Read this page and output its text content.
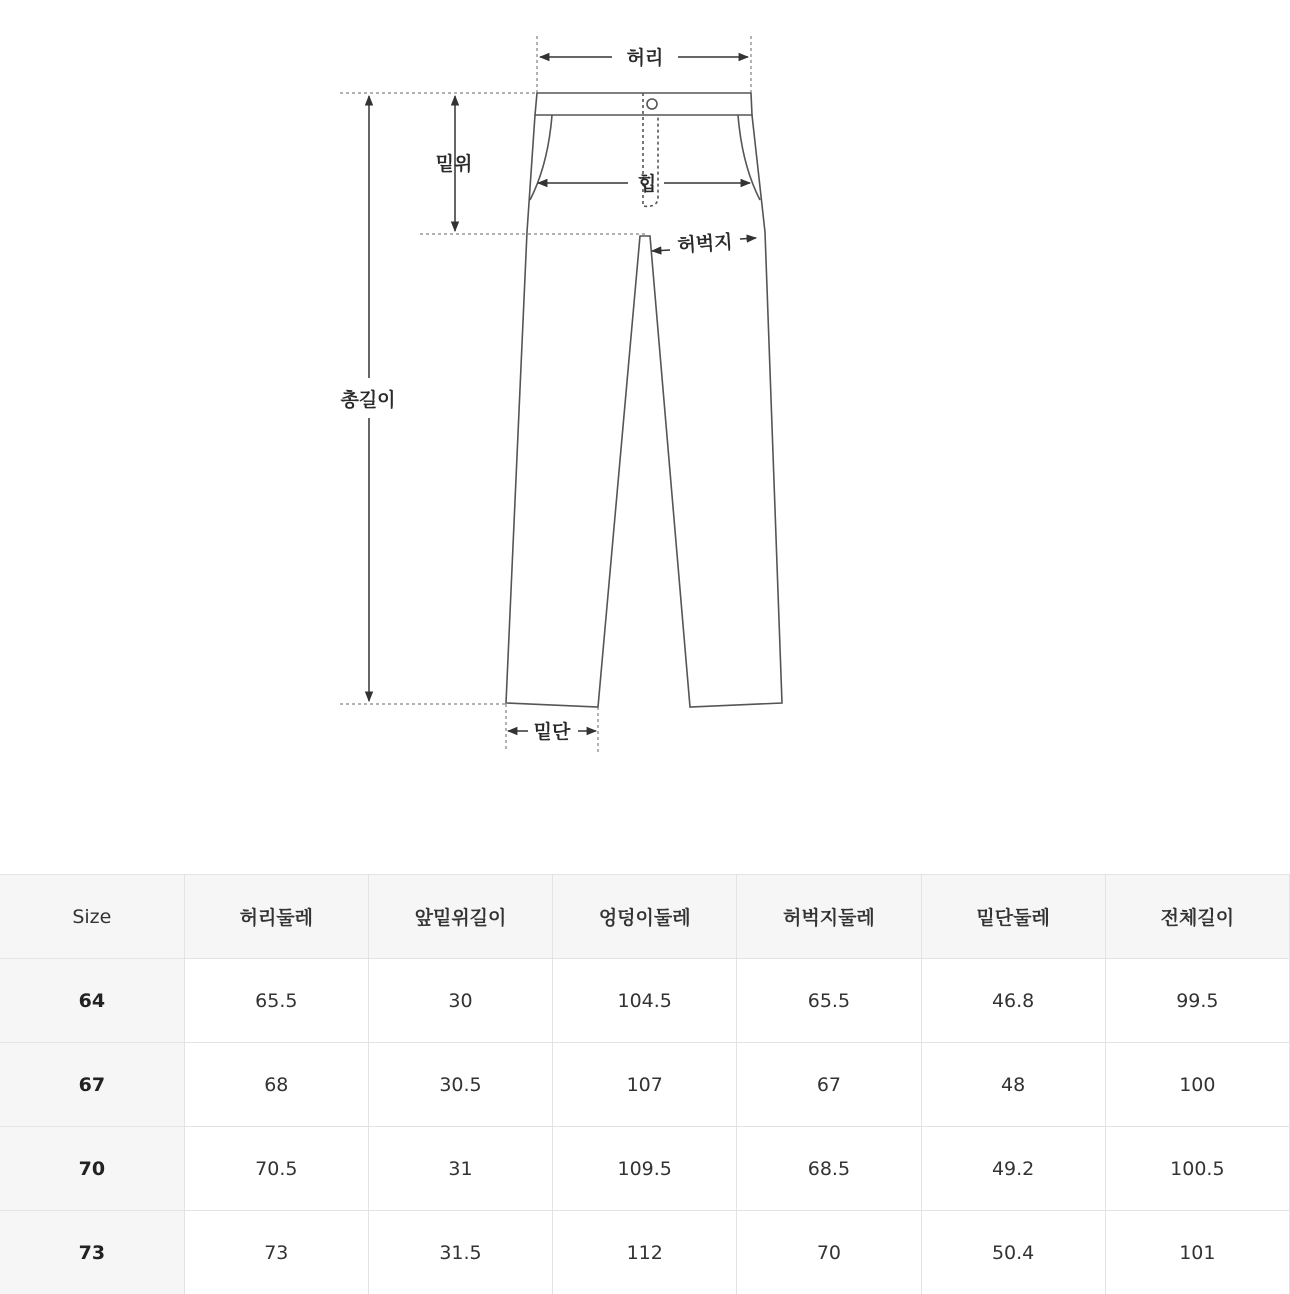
허리
밑위
힙
허벅지
총길이
밑단
Size	허리둘레	앞밑위길이	엉덩이둘레	허벅지둘레	밑단둘레	전체길이
64	65.5	30	104.5	65.5	46.8	99.5
67	68	30.5	107	67	48	100
70	70.5	31	109.5	68.5	49.2	100.5
73	73	31.5	112	70	50.4	101
